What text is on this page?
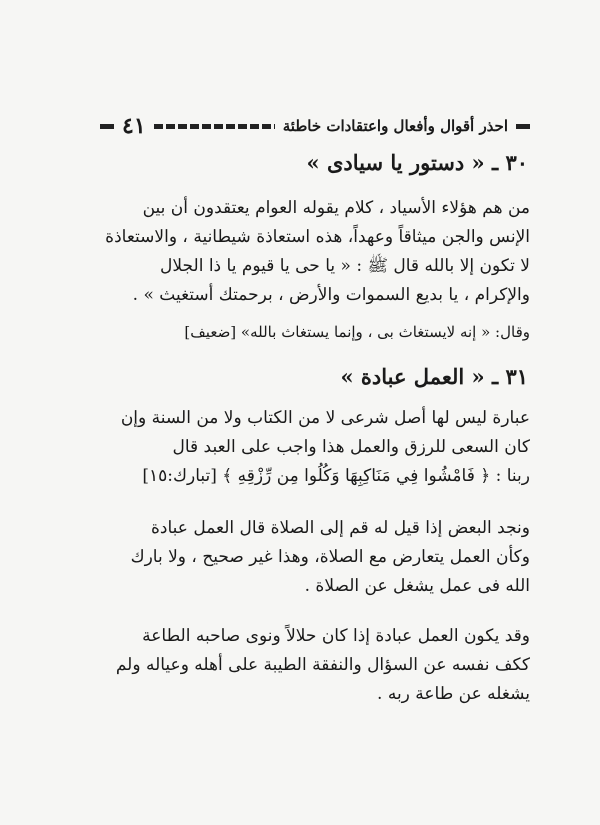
احذر أقوال وأفعال واعتقادات خاطئة
٤١
٣٠ ـ « دستور يا سيادى »
من هم هؤلاء الأسياد ، كلام يقوله العوام يعتقدون أن بين
الإنس والجن ميثاقاً وعهداً، هذه استعاذة شيطانية ، والاستعاذة
لا تكون إلا بالله قال ﷺ : « يا حى يا قيوم يا ذا الجلال
والإكرام ، يا بديع السموات والأرض ، برحمتك أستغيث » .
وقال: « إنه لايستغاث بى ، وإنما يستغاث بالله» [ضعيف]
٣١ ـ « العمل عبادة »
عبارة ليس لها أصل شرعى لا من الكتاب ولا من السنة وإن
كان السعى للرزق والعمل هذا واجب على العبد قال
ربنا : ﴿ فَامْشُوا فِي مَنَاكِبِهَا وَكُلُوا مِن رِّزْقِهِ ﴾ [تبارك:١٥]
ونجد البعض إذا قيل له قم إلى الصلاة قال العمل عبادة
وكأن العمل يتعارض مع الصلاة، وهذا غير صحيح ، ولا بارك
الله فى عمل يشغل عن الصلاة .
وقد يكون العمل عبادة إذا كان حلالاً ونوى صاحبه الطاعة
ككف نفسه عن السؤال والنفقة الطيبة على أهله وعياله ولم
يشغله عن طاعة ربه .
